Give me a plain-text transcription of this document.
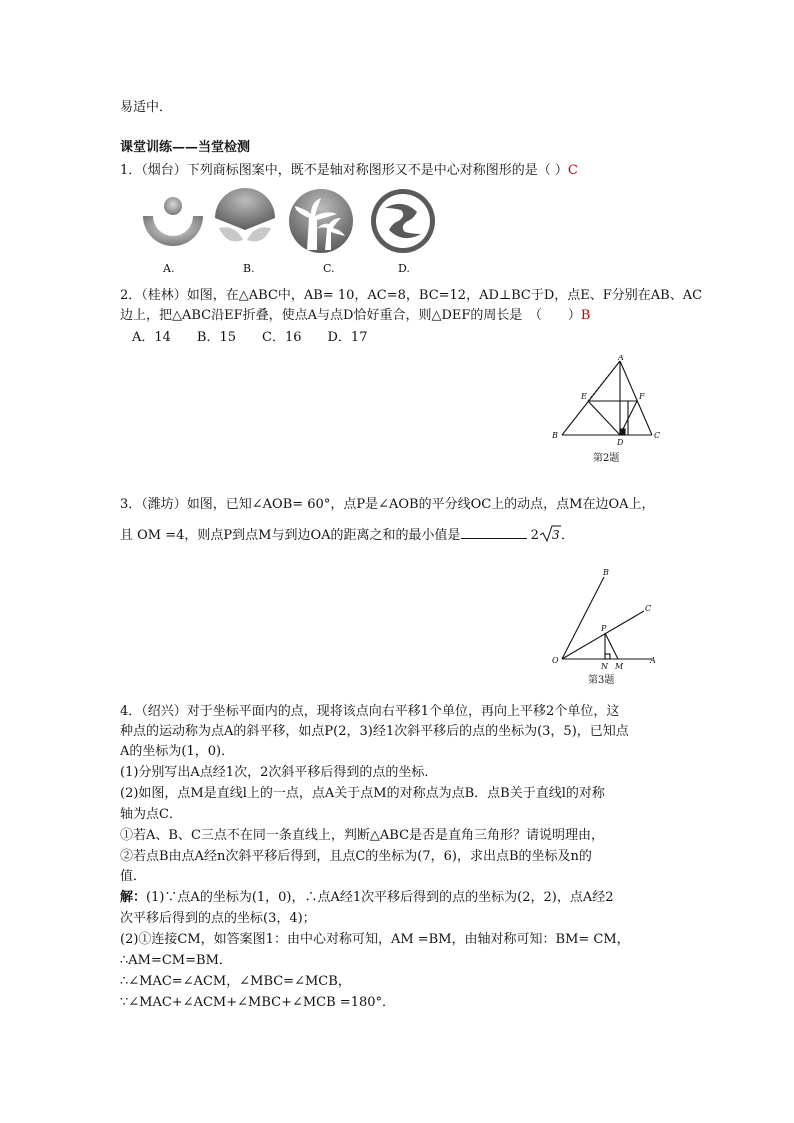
易适中．
课堂训练——当堂检测
1．（烟台）下列商标图案中，既不是轴对称图形又不是中心对称图形的是（ ）C
A.	B.	C.	D.
2．（桂林）如图，在△ABC中，AB= 10，AC=8，BC=12，AD⊥BC于D，点E、F分别在AB、AC
边上，把△ABC沿EF折叠，使点A与点D恰好重合，则△DEF的周长是　（　　）B
A．14　　B．15　　C．16　　D．17
A
B	C
D
E	F
第2题
3．（潍坊）如图，已知∠AOB= 60°，点P是∠AOB的平分线OC上的动点，点M在边OA上，
且 OM =4，则点P到点M与到边OA的距离之和的最小值是	2 3 ．
O	A
B
C
P
N M
第3题
4．（绍兴）对于坐标平面内的点，现将该点向右平移1个单位，再向上平移2个单位，这
种点的运动称为点A的斜平移，如点P(2，3)经1次斜平移后的点的坐标为(3，5)，已知点
A的坐标为(1，0)．
(1)分别写出A点经1次，2次斜平移后得到的点的坐标．
(2)如图，点M是直线l上的一点，点A关于点M的对称点为点B．点B关于直线l的对称
轴为点C．
①若A、B、C三点不在同一条直线上，判断△ABC是否是直角三角形？请说明理由，
②若点B由点A经n次斜平移后得到，且点C的坐标为(7，6)，求出点B的坐标及n的
值．
解：(1)∵点A的坐标为(1，0)，∴点A经1次平移后得到的点的坐标为(2，2)，点A经2
次平移后得到的点的坐标(3，4)；
(2)①连接CM，如答案图1：由中心对称可知，AM =BM，由轴对称可知：BM= CM，
∴AM=CM=BM．
∴∠MAC=∠ACM，∠MBC=∠MCB，
∵∠MAC+∠ACM+∠MBC+∠MCB =180°．
